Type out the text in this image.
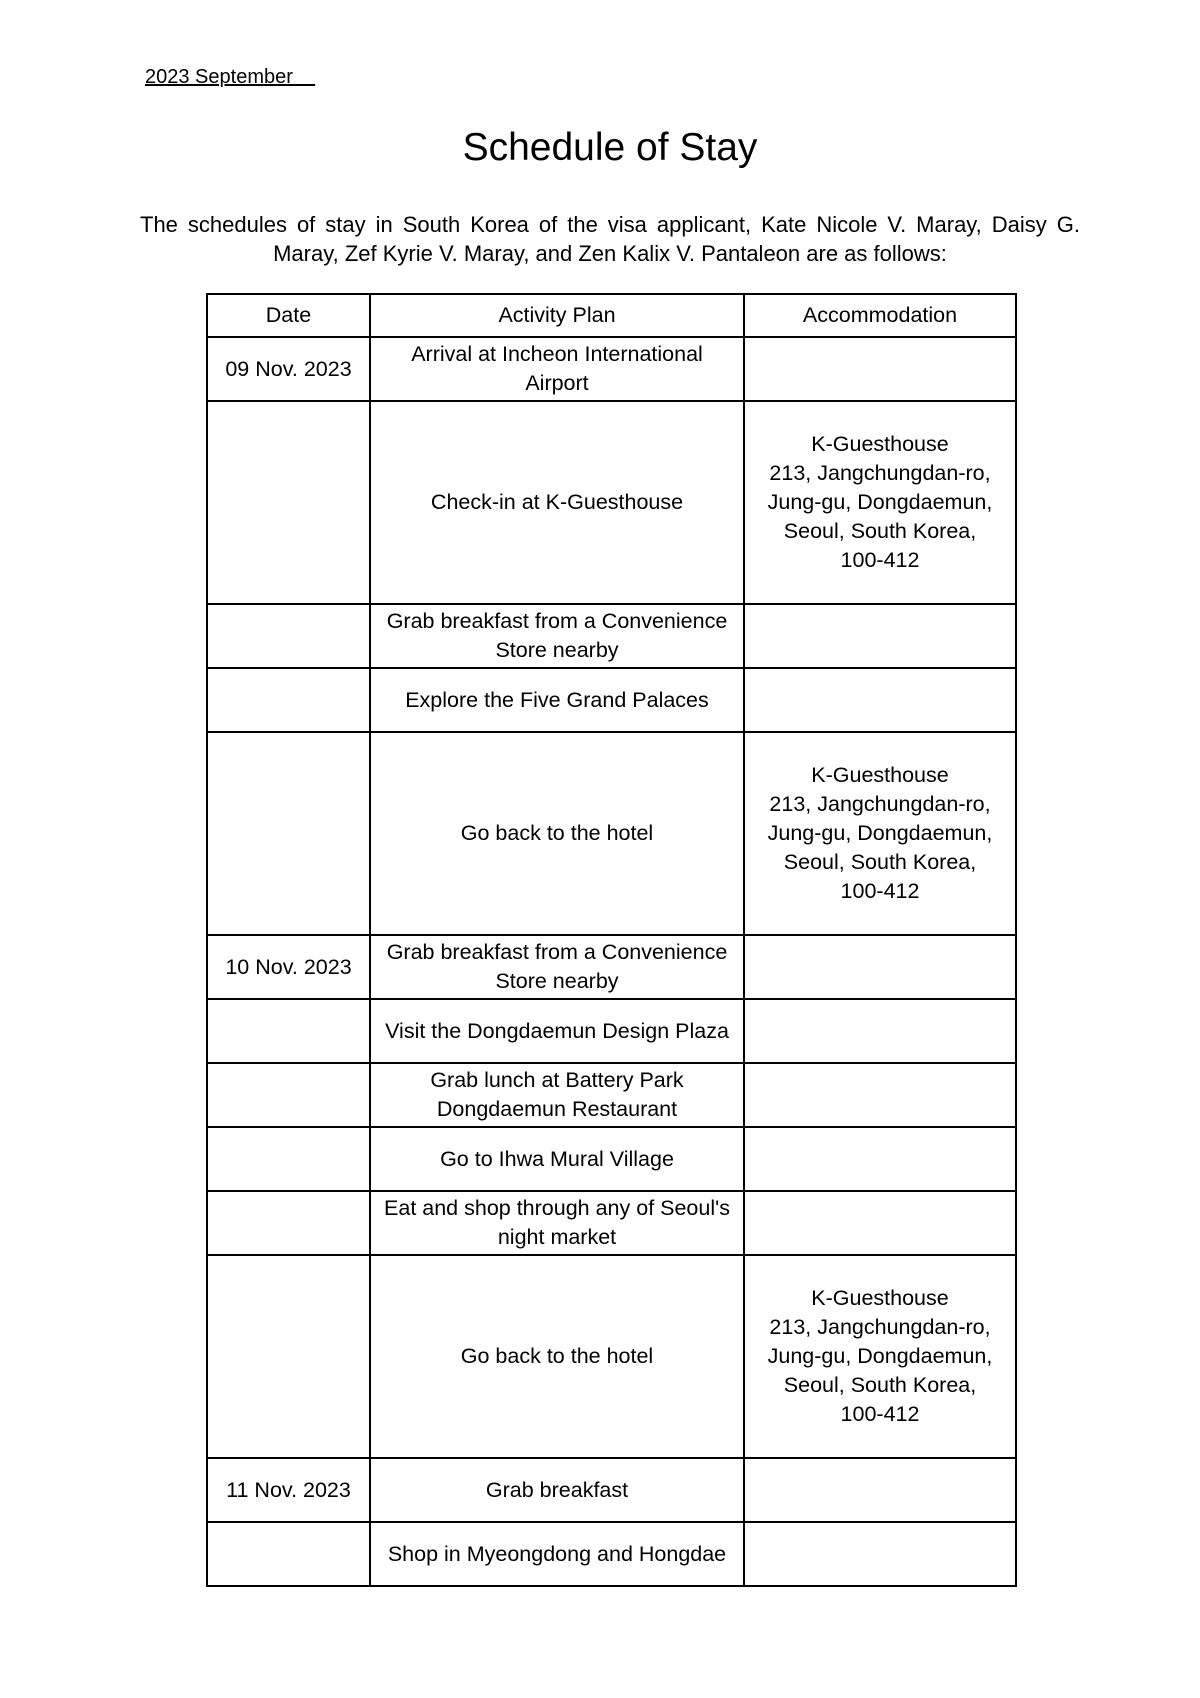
2023 September
Schedule of Stay
The schedules of stay in South Korea of the visa applicant, Kate Nicole V. Maray, Daisy G. Maray, Zef Kyrie V. Maray, and Zen Kalix V. Pantaleon are as follows:
Date	Activity Plan	Accommodation
09 Nov. 2023	Arrival at Incheon International Airport	
	Check-in at K-Guesthouse	K-Guesthouse
213, Jangchungdan-ro,
Jung-gu, Dongdaemun,
Seoul, South Korea,
100-412

	Grab breakfast from a Convenience Store nearby	
	Explore the Five Grand Palaces	
	Go back to the hotel	K-Guesthouse
213, Jangchungdan-ro,
Jung-gu, Dongdaemun,
Seoul, South Korea,
100-412

10 Nov. 2023	Grab breakfast from a Convenience Store nearby	
	Visit the Dongdaemun Design Plaza	
	Grab lunch at Battery Park Dongdaemun Restaurant	
	Go to Ihwa Mural Village	
	Eat and shop through any of Seoul's night market	
	Go back to the hotel	K-Guesthouse
213, Jangchungdan-ro,
Jung-gu, Dongdaemun,
Seoul, South Korea,
100-412

11 Nov. 2023	Grab breakfast	
	Shop in Myeongdong and Hongdae	
